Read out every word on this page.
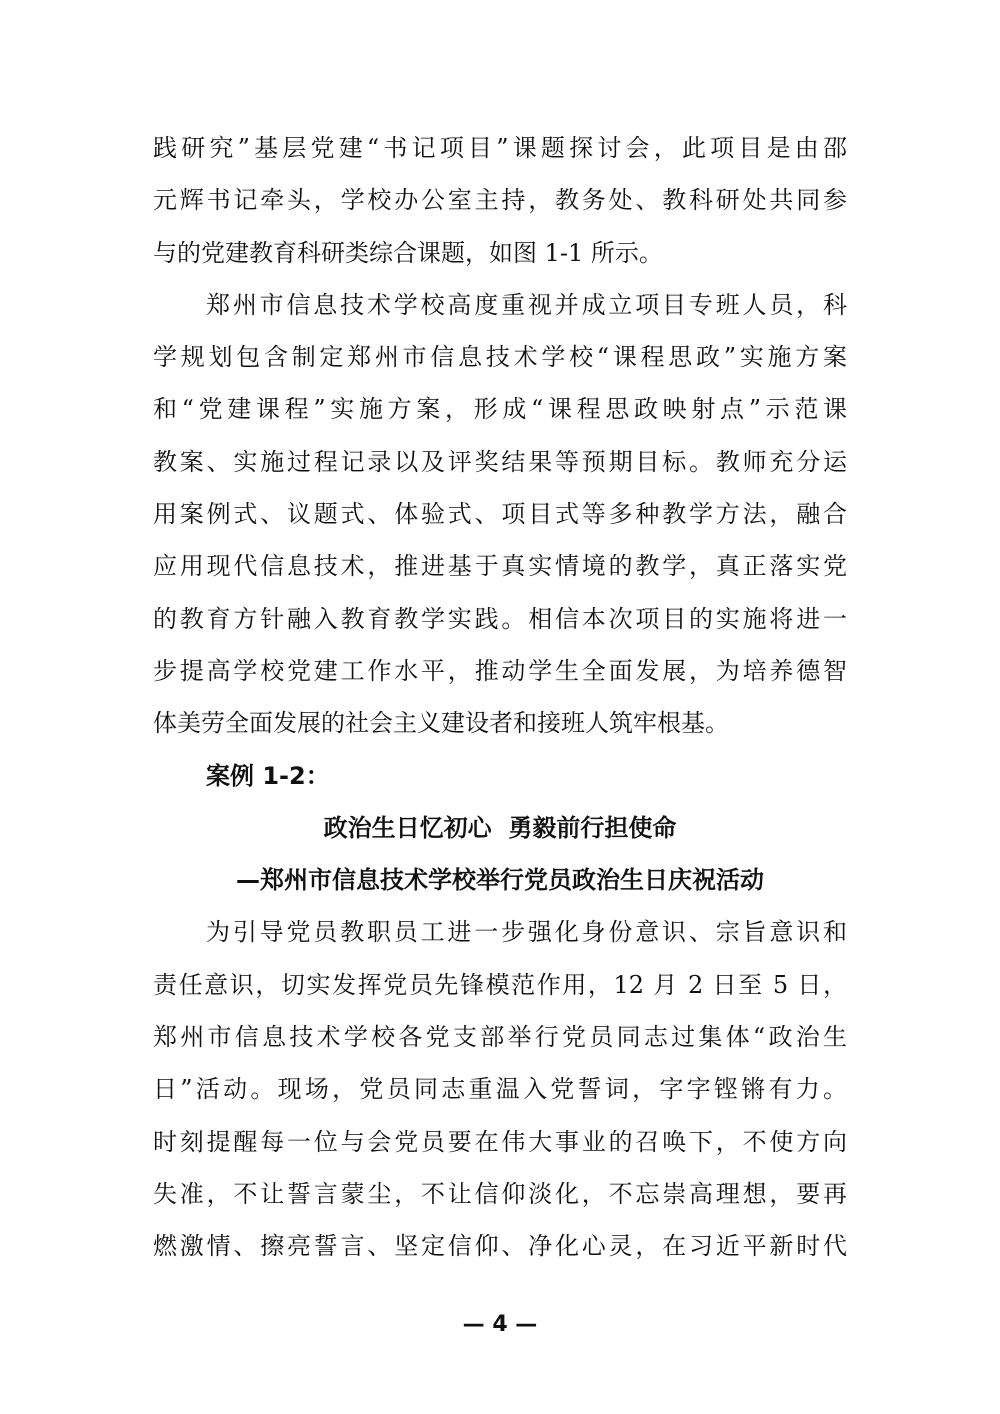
践研究”基层党建“书记项目”课题探讨会，此项目是由邵
元辉书记牵头，学校办公室主持，教务处、教科研处共同参
与的党建教育科研类综合课题，如图 1-1 所示。
郑州市信息技术学校高度重视并成立项目专班人员，科
学规划包含制定郑州市信息技术学校“课程思政”实施方案
和“党建课程”实施方案，形成“课程思政映射点”示范课
教案、实施过程记录以及评奖结果等预期目标。教师充分运
用案例式、议题式、体验式、项目式等多种教学方法，融合
应用现代信息技术，推进基于真实情境的教学，真正落实党
的教育方针融入教育教学实践。相信本次项目的实施将进一
步提高学校党建工作水平，推动学生全面发展，为培养德智
体美劳全面发展的社会主义建设者和接班人筑牢根基。
案例 1-2：
政治生日忆初心  勇毅前行担使命
—郑州市信息技术学校举行党员政治生日庆祝活动
为引导党员教职员工进一步强化身份意识、宗旨意识和
责任意识，切实发挥党员先锋模范作用，12 月 2 日至 5 日，
郑州市信息技术学校各党支部举行党员同志过集体“政治生
日”活动。现场，党员同志重温入党誓词，字字铿锵有力。
时刻提醒每一位与会党员要在伟大事业的召唤下，不使方向
失准，不让誓言蒙尘，不让信仰淡化，不忘崇高理想，要再
燃激情、擦亮誓言、坚定信仰、净化心灵，在习近平新时代
— 4 —
